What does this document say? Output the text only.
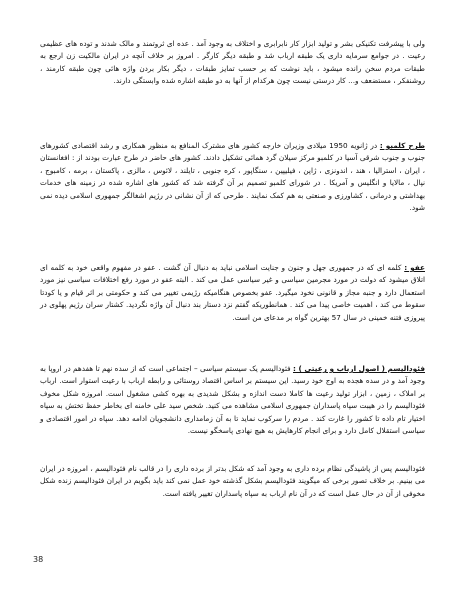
ولی با پیشرفت تکنیکی بشر و تولید ابزار کار نابرابری و اختلاف به وجود آمد . عده ای ثروتمند و مالک شدند و توده های عظیمی رعیت . در جوامع سرمایه داری یک طبقه ارباب شد و طبقه دیگر کارگر . امروز بر خلاف آنچه در ایران مالکیت زن ارجع به طبقات مردم سخن رانده میشود ، باید نوشت که بر حسب تمایز طبقات ، دیگر بکار بردن واژه هائی چون طبقه کارمند ، روشنفکر ، مستضعف و... کار درستی نیست چون هرکدام از آنها به دو طبقه اشاره شده وابستگی دارند.

طرح کلمبو : در ژانویه 1950 میلادی وزیران خارجه کشور های مشترک المنافع به منظور همکاری و رشد اقتصادی کشورهای جنوب و جنوب شرقی آسیا در کلمبو مرکز سیلان گرد همائی تشکیل دادند. کشور های حاضر در طرح عبارت بودند از : افغانستان ، ایران ، استرالیا ، هند ، اندونزی ، ژاپن ، فیلیپین ، سنگاپور ، کره جنوبی ، تایلند ، لائوس ، مالزی ، پاکستان ، برمه ، کامبوج ، نپال ، مالایا و انگلیس و آمریکا . در شورای کلمبو تصمیم بر آن گرفته شد که کشور های اشاره شده در زمینه های خدمات بهداشتی و درمانی ، کشاورزی و صنعتی به هم کمک نمایند . طرحی که از آن نشانی در رژیم اشغالگر جمهوری اسلامی دیده نمی شود.

عفو : کلمه ای که در جمهوری جهل و جنون و جنایت اسلامی نباید به دنبال آن گشت . عفو در مفهوم واقعی خود به کلمه ای اتلاق میشود که دولت در مورد مجرمین سیاسی و غیر سیاسی عمل می کند . البته عفو در مورد رفع اختلافات سیاسی نیز مورد استعمال دارد و جنبه مجاز و قانونی نخود میگیرد. عفو بخصوص هنگامیکه رژیمی تغییر می کند و حکومتی بر اثر قیام و یا کودتا سقوط می کند ، اهمیت خاصی پیدا می کند . همانطوریکه گفتم نزد دستار بند دنبال آن واژه نگردید. کشتار سران رژیم پهلوی در پیروزی فتنه خمینی در سال 57 بهترین گواه بر مدعای من است.

فئودالیسم ( اصول ارباب و رعیتی ) : فئودالیسم یک سیستم سیاسی – اجتماعی است که از سده نهم تا هفدهم در اروپا به وجود آمد و در سده هجده به اوج خود رسید. این سیستم بر اساس اقتصاد روستائی و رابطه ارباب با رعیت استوار است. ارباب بر املاک ، زمین ، ابزار تولید رعیت ها کاملا دست اندازه و بشکل شدیدی به بهره کشی مشغول است. امروزه شکل مخوف فئودالیسم را در هیبت سپاه پاسداران جمهوری اسلامی مشاهده می کنید. شخص سید علی خامنه ای بخاطر حفظ تختش به سپاه اختیار تام داده تا کشور را غارت کند . مردم را سرکوب نماید تا به آن زمامداری دانشجویان ادامه دهد. سپاه در امور اقتصادی و سیاسی استقلال کامل دارد و برای انجام کارهایش به هیچ نهادی پاسخگو نیست.

فئودالیسم پس از پاشیدگی نظام برده داری به وجود آمد که شکل بدتر از برده داری را در قالب نام فئودالیسم ، امروزه در ایران می بینیم. بر خلاف تصور برخی که میگویند فئودالیسم بشکل گذشته خود عمل نمی کند باید بگویم در ایران فئودالیسم زنده شکل مخوفی از آن در حال عمل است که در آن نام ارباب به سپاه پاسداران تغییر یافته است.

38
